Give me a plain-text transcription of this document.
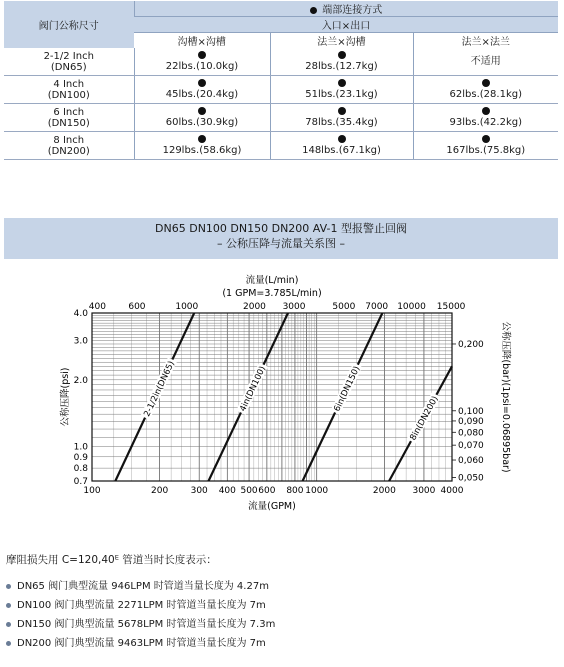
阀门公称尺寸	端部连接方式		
	入口×出口		
	沟槽×沟槽	法兰×沟槽	法兰×法兰

2-1/2 Inch
(DN65)	22lbs.(10.0kg)	28lbs.(12.7kg)	不适用

4 Inch
(DN100)	45lbs.(20.4kg)	51lbs.(23.1kg)	62lbs.(28.1kg)

6 Inch
(DN150)	60lbs.(30.9kg)	78lbs.(35.4kg)	93lbs.(42.2kg)

8 Inch
(DN200)	129lbs.(58.6kg)	148lbs.(67.1kg)	167lbs.(75.8kg)
DN65 DN100 DN150 DN200 AV-1 型报警止回阀
– 公称压降与流量关系图 –
100	200 300 400 500 600 800 1000	2000 3000 4000
400 600	1000	2000 3000	5000 7000 10000 15000
4.0
3.0
2.0
1.0
0.9
0.8
0.7
0,200
0,100
0,090
0,080
0,070
0,060
0,050
流量(GPM)
流量(L/min)
(1 GPM=3.785L/min)
公称压降(psi)	公称压降(bar)(1psi=0.06895bar)
2-1/2in(DN65)	4in(DN100)	6in(DN150)
8in(DN200)
摩阻损失用 C=120,40ᴱ 管道当时长度表示：
DN65 阀门典型流量 946LPM 时管道当量长度为 4.27m
DN100 阀门典型流量 2271LPM 时管道当量长度为 7m
DN150 阀门典型流量 5678LPM 时管道当量长度为 7.3m
DN200 阀门典型流量 9463LPM 时管道当量长度为 7m
